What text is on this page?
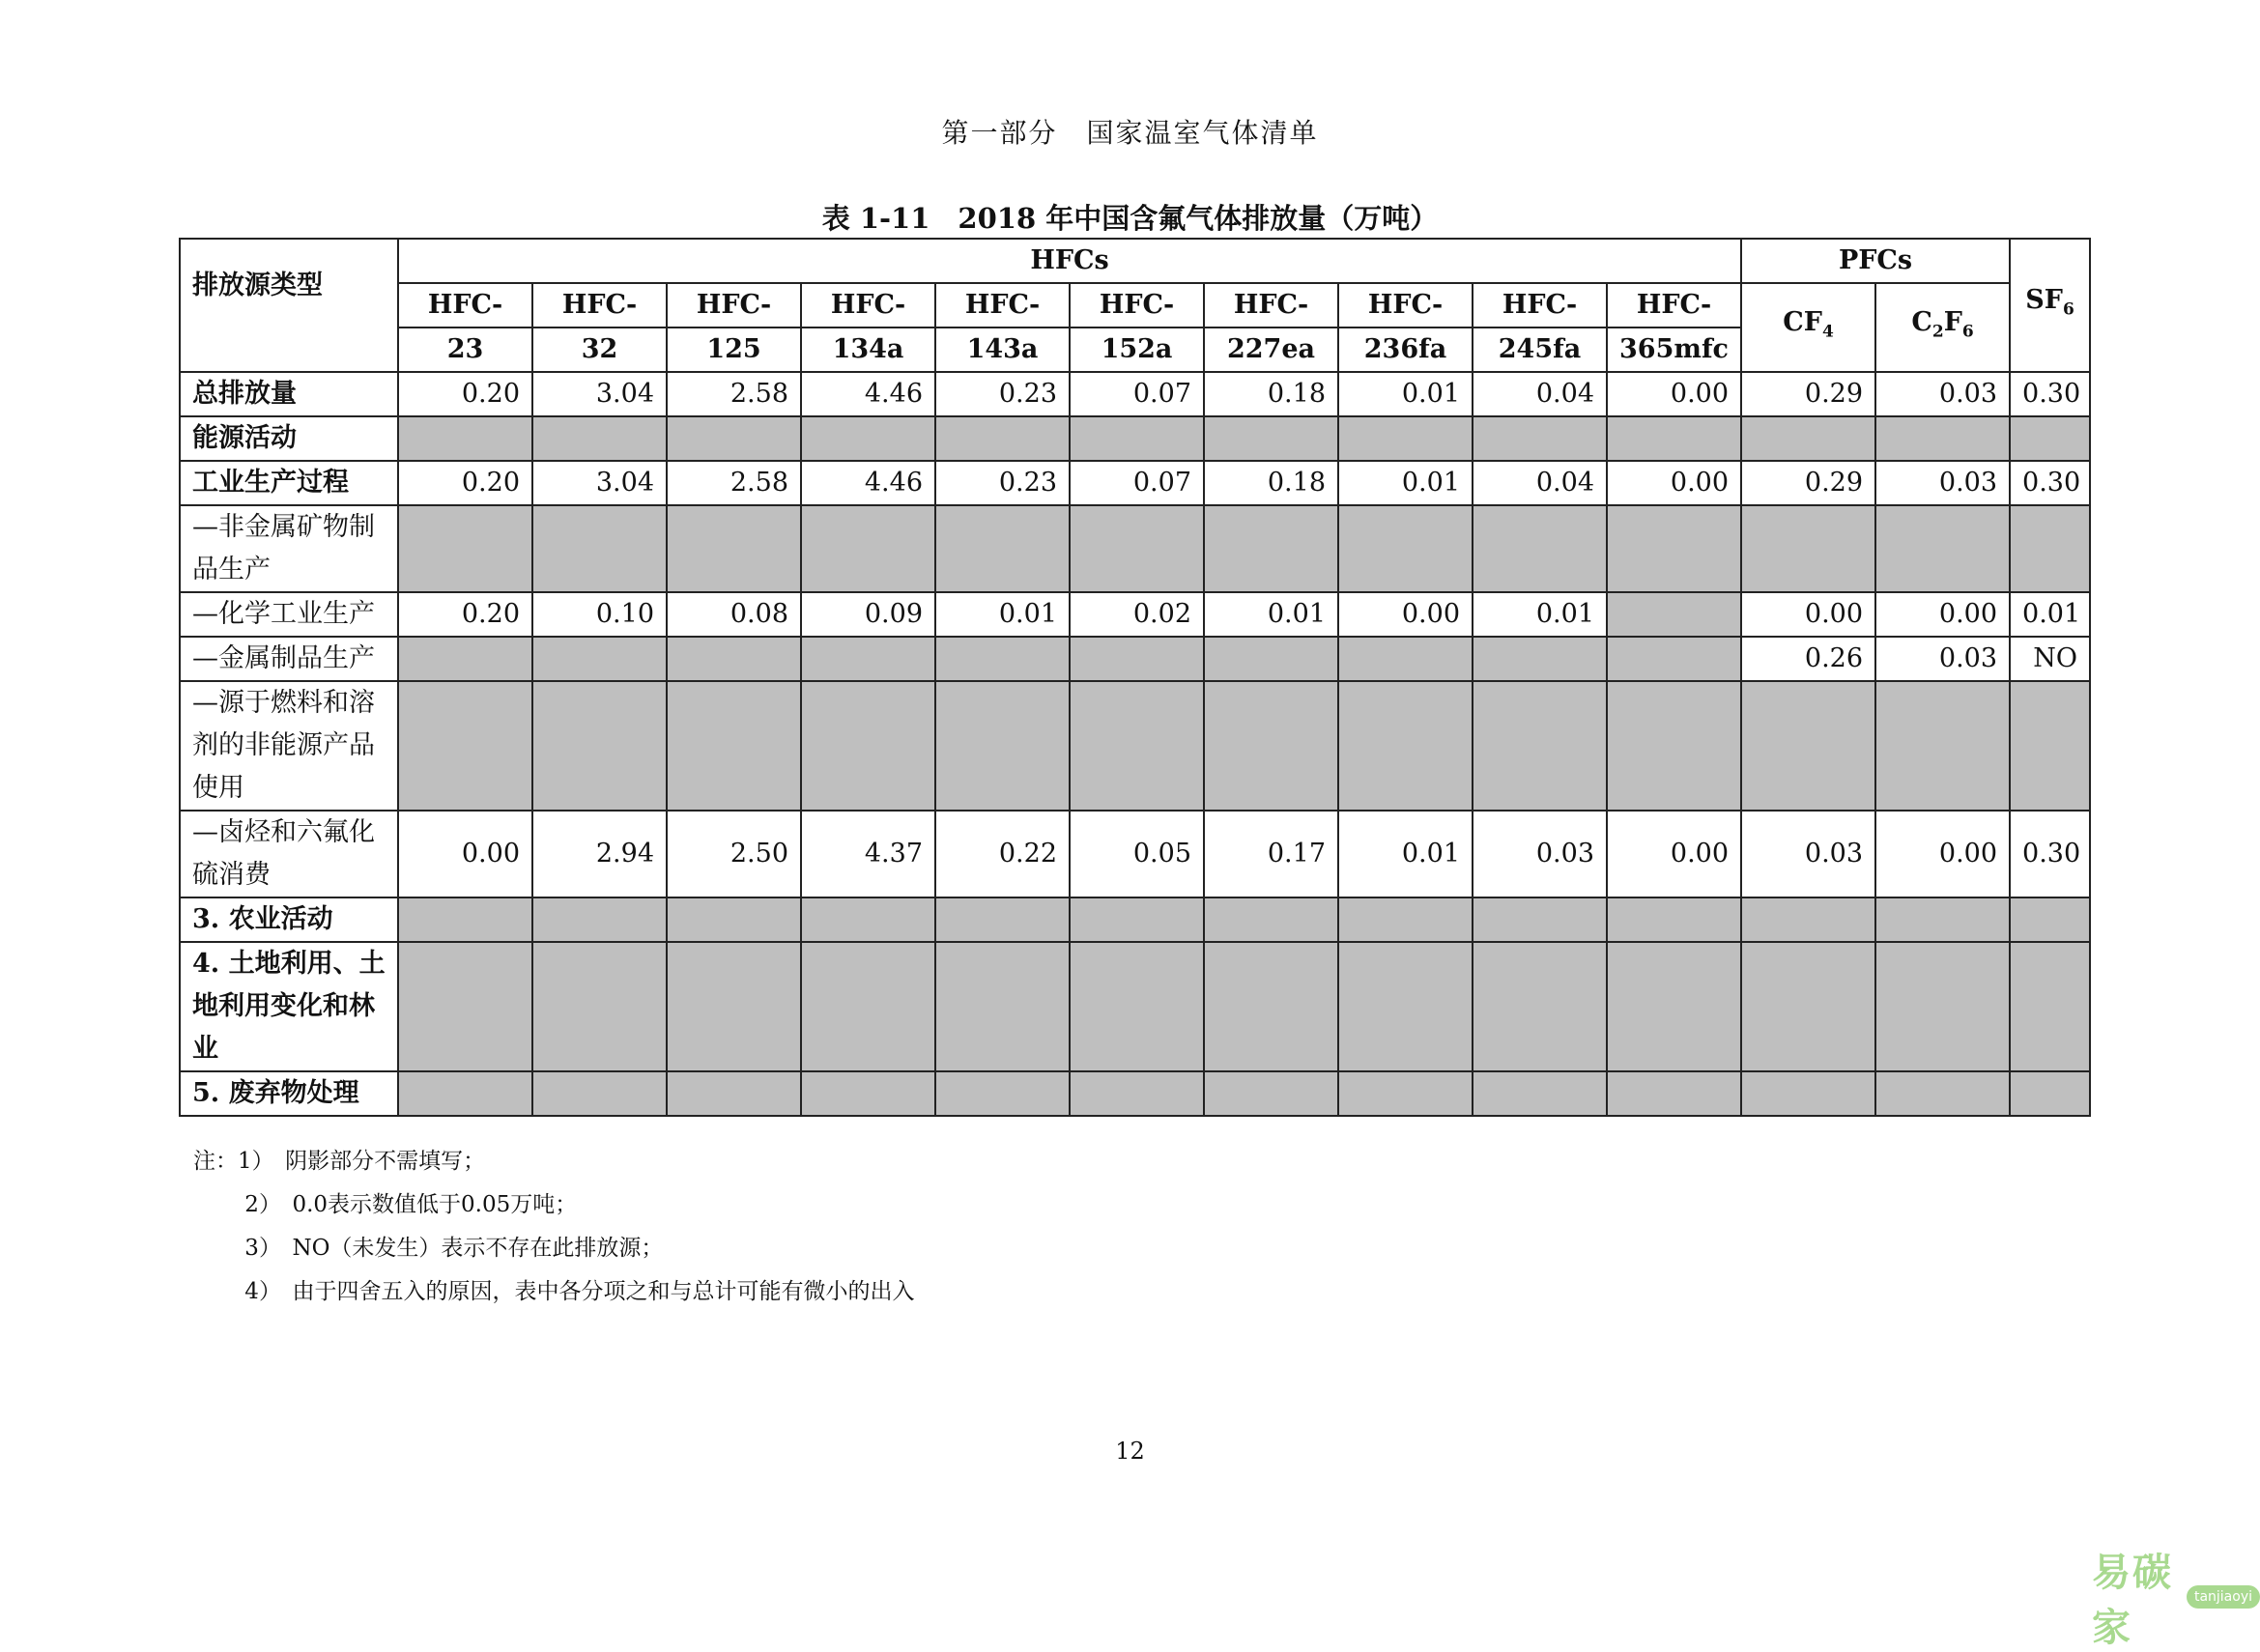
第一部分　国家温室气体清单
表 1-11　2018 年中国含氟气体排放量（万吨）
排放源类型	HFCs										PFCs		$SF_6$
	HFC-	HFC-	HFC-	HFC-	HFC-	HFC-	HFC-	HFC-	HFC-	HFC-	$CF_4$	$C_2F_6$
	23	32	125	134a	143a	152a	227ea	236fa	245fa	365mfc			

总排放量	0.20	3.04	2.58	4.46	0.23	0.07	0.18	0.01	0.04	0.00	0.29	0.03	0.30

能源活动													

工业生产过程	0.20	3.04	2.58	4.46	0.23	0.07	0.18	0.01	0.04	0.00	0.29	0.03	0.30

—非金属矿物制
品生产													

—化学工业生产	0.20	0.10	0.08	0.09	0.01	0.02	0.01	0.00	0.01		0.00	0.00	0.01

—金属制品生产											0.26	0.03	NO

—源于燃料和溶
剂的非能源产品
使用													

—卤烃和六氟化
硫消费	0.00	2.94	2.50	4.37	0.22	0.05	0.17	0.01	0.03	0.00	0.03	0.00	0.30

3. 农业活动													

4. 土地利用、土
地利用变化和林
业													

5. 废弃物处理													

注：1）　阴影部分不需填写；
　　 2）　0.0表示数值低于0.05万吨；
　　 3）　NO（未发生）表示不存在此排放源；
　　 4）　由于四舍五入的原因，表中各分项之和与总计可能有微小的出入
12
易碳家
tanjiaoyi
